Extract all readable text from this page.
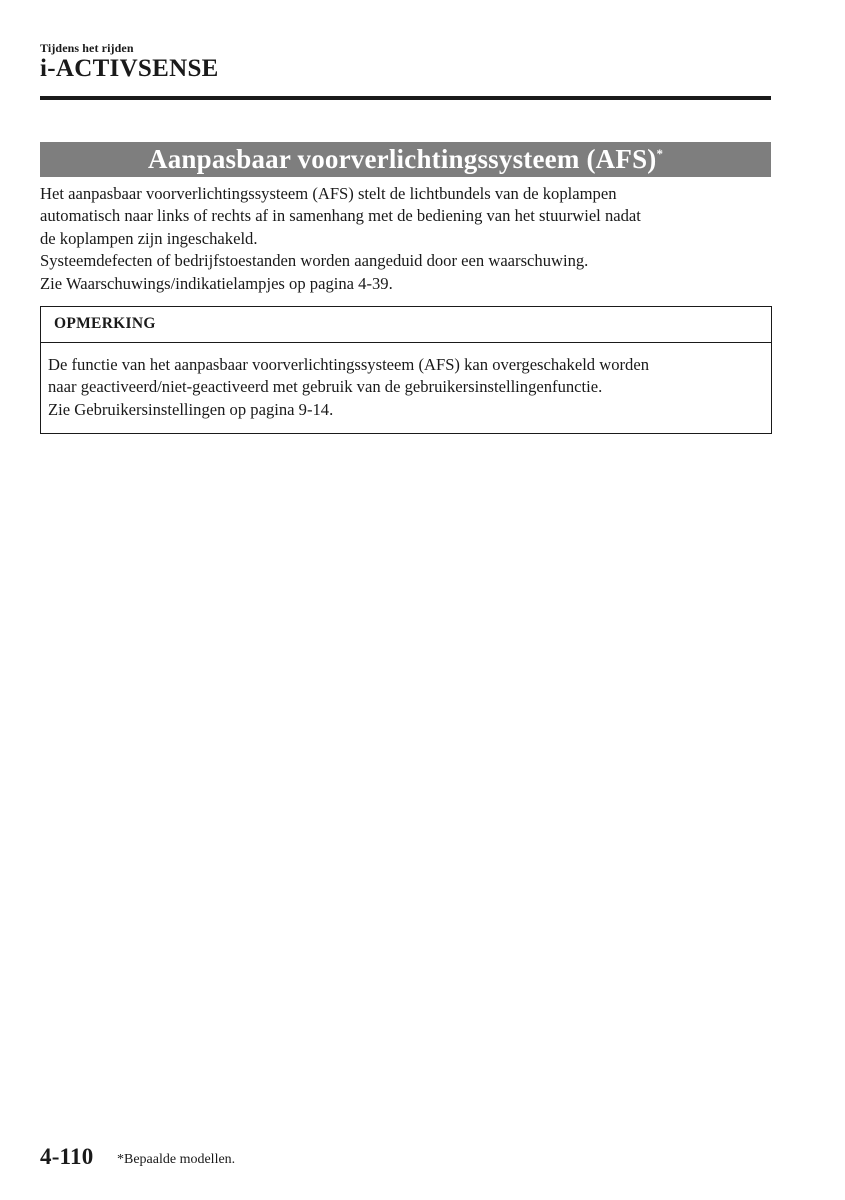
Tijdens het rijden
i-ACTIVSENSE
Aanpasbaar voorverlichtingssysteem (AFS)*
Het aanpasbaar voorverlichtingssysteem (AFS) stelt de lichtbundels van de koplampen
automatisch naar links of rechts af in samenhang met de bediening van het stuurwiel nadat
de koplampen zijn ingeschakeld.
Systeemdefecten of bedrijfstoestanden worden aangeduid door een waarschuwing.
Zie Waarschuwings/indikatielampjes op pagina 4-39.
OPMERKING
De functie van het aanpasbaar voorverlichtingssysteem (AFS) kan overgeschakeld worden
naar geactiveerd/niet-geactiveerd met gebruik van de gebruikersinstellingenfunctie.
Zie Gebruikersinstellingen op pagina 9-14.
4-110 *Bepaalde modellen.
